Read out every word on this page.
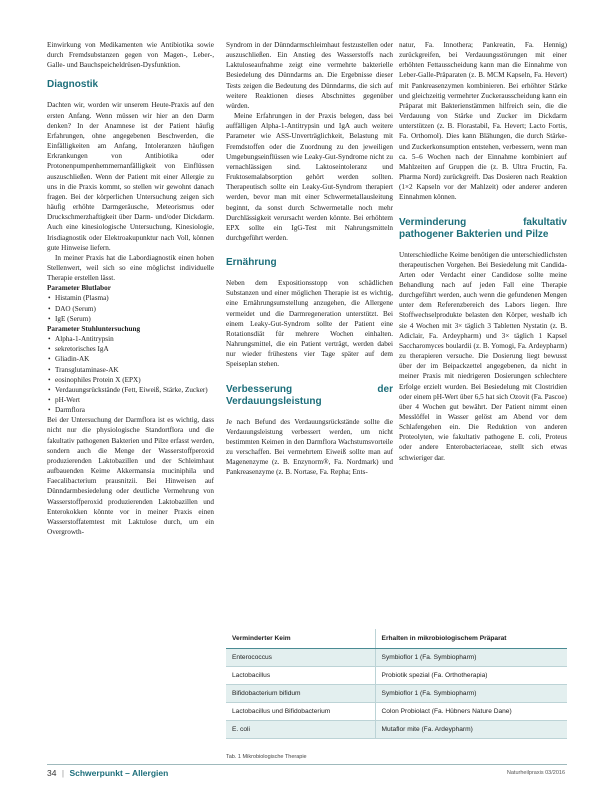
Einwirkung von Medikamenten wie Antibiotika sowie durch Fremdsubstanzen gegen von Magen-, Leber-, Galle- und Bauchspeicheldrüsen-Dysfunktion.

Diagnostik

Dachten wir, worden wir unserem Heute-Praxis auf den ersten Anfang. Wenn müssen wir hier an den Darm denken? In der Anamnese ist der Patient häufig Erfahrungen, ohne angegebenen Beschwerden, die Einfälligkeiten am Anfang, Intoleranzen häufigen Erkrankungen von Antibiotika oder Protonenpumpenhemmernanfälligkeit von Einflüssen auszuschließen. Wenn der Patient mit einer Allergie zu uns in die Praxis kommt, so stellen wir gewohnt danach fragen. Bei der körperlichen Untersuchung zeigen sich häufig erhöhte Darmgeräusche, Meteorismus oder Druckschmerzhaftigkeit über Darm- und/oder Dickdarm. Auch eine kinesiologische Untersuchung, Kinesiologie, Irisdiagnostik oder Elektroakupunktur nach Voll, können gute Hinweise liefern.

In meiner Praxis hat die Labordiagnostik einen hohen Stellenwert, weil sich so eine möglichst individuelle Therapie erstellen lässt.

Parameter Blutlabor

• Histamin (Plasma)
• DAO (Serum)
• IgE (Serum)

Parameter Stuhluntersuchung

• Alpha-1-Antitrypsin
• sekretorisches IgA
• Gliadin-AK
• Transglutaminase-AK
• eosinophiles Protein X (EPX)
• Verdauungsrückstände (Fett, Eiweiß, Stärke, Zucker)
• pH-Wert
• Darmflora

Bei der Untersuchung der Darmflora ist es wichtig, dass nicht nur die physiologische Standortflora und die fakultativ pathogenen Bakterien und Pilze erfasst werden, sondern auch die Menge der Wasserstoffperoxid produzierenden Laktobazillen und der Schleimhaut aufbauenden Keime Akkermansia muciniphila und Faecalibacterium prausnitzii. Bei Hinweisen auf Dünndarmbesiedelung oder deutliche Vermehrung von Wasserstoffperoxid produzierenden Laktobazillen und Enterokokken könnte vor in meiner Praxis einen Wasserstoffatemtest mit Laktulose durch, um ein Overgrowth-

Syndrom in der Dünndarmschleimhaut festzustellen oder auszuschließen. Ein Anstieg des Wasserstoffs nach Laktuloseaufnahme zeigt eine vermehrte bakterielle Besiedelung des Dünndarms an. Die Ergebnisse dieser Tests zeigen die Bedeutung des Dünndarms, die sich auf weitere Reaktionen dieses Abschnittes gegenüber würden.

Meine Erfahrungen in der Praxis belegen, dass bei auffälligen Alpha-1-Antitrypsin und IgA auch weitere Parameter wie ASS-Unverträglichkeit, Belastung mit Fremdstoffen oder die Zuordnung zu den jeweiligen Umgebungseinflüssen wie Leaky-Gut-Syndrome nicht zu vernachlässigen sind. Laktoseintoleranz und Fruktosemalabsorption gehört werden sollten. Therapeutisch sollte ein Leaky-Gut-Syndrom therapiert werden, bevor man mit einer Schwermetallausleitung beginnt, da sonst durch Schwermetalle noch mehr Durchlässigkeit verursacht werden könnte. Bei erhöhtem EPX sollte ein IgG-Test mit Nahrungsmitteln durchgeführt werden.

Ernährung

Neben dem Expositionsstopp von schädlichen Substanzen und einer möglichen Therapie ist es wichtig, eine Ernährungsumstellung anzugehen, die Allergene vermeidet und die Darmregeneration unterstützt. Bei einem Leaky-Gut-Syndrom sollte der Patient eine Rotationsdiät für mehrere Wochen einhalten. Nahrungsmittel, die ein Patient verträgt, werden dabei nur wieder frühestens vier Tage später auf dem Speiseplan stehen.

Verbesserung der Verdauungsleistung

Je nach Befund des Verdauungsrückstände sollte die Verdauungsleistung verbessert werden, um nicht bestimmten Keimen in den Darmflora Wachstumsvorteile zu verschaffen. Bei vermehrtem Eiweiß sollte man auf Magenenzyme (z. B. Enzynorm®, Fa. Nordmark) und Pankreasenzyme (z. B. Nortase, Fa. Repha; Ents-

natur, Fa. Innothera; Pankreatin, Fa. Hennig) zurückgreifen, bei Verdauungsstörungen mit einer erhöhten Fettausscheidung kann man die Einnahme von Leber-Galle-Präparaten (z. B. MCM Kapseln, Fa. Hevert) mit Pankreasenzymen kombinieren. Bei erhöhter Stärke und gleichzeitig vermehrter Zuckerausscheidung kann ein Präparat mit Bakterienstämmen hilfreich sein, die die Verdauung von Stärke und Zucker im Dickdarm unterstützen (z. B. Florastabil, Fa. Hevert; Lacto Fortis, Fa. Orthomol). Dies kann Blähungen, die durch Stärke- und Zuckerkonsumption entstehen, verbessern, wenn man ca. 5–6 Wochen nach der Einnahme kombiniert auf Mahlzeiten auf Gruppen die (z. B. Ultra Fructin, Fa. Pharma Nord) zurückgreift. Das Dosieren nach Reaktion (1×2 Kapseln vor der Mahlzeit) oder anderer anderen Einnahmen können.

Verminderung fakultativ pathogener Bakterien und Pilze

Unterschiedliche Keime benötigen die unterschiedlichsten therapeutischen Vorgehen. Bei Besiedelung mit Candida-Arten oder Verdacht einer Candidose sollte meine Behandlung nach auf jeden Fall eine Therapie durchgeführt werden, auch wenn die gefundenen Mengen unter dem Referenzbereich des Labors liegen. Ihre Stoffwechselprodukte belasten den Körper, weshalb ich sie 4 Wochen mit 3× täglich 3 Tabletten Nystatin (z. B. Adiclair, Fa. Ardeypharm) und 3× täglich 1 Kapsel Saccharomyces boulardii (z. B. Yomogi, Fa. Ardeypharm) zu therapieren versuche. Die Dosierung liegt bewusst über der im Beipackzettel angegebenen, da nicht in meiner Praxis mit niedrigeren Dosierungen schlechtere Erfolge erzielt wurden. Bei Besiedelung mit Clostridien oder einem pH-Wert über 6,5 hat sich Ozovit (Fa. Pascoe) über 4 Wochen gut bewährt. Der Patient nimmt einen Messlöffel in Wasser gelöst am Abend vor dem Schlafengehen ein. Die Reduktion von anderen Proteolyten, wie fakultativ pathogene E. coli, Proteus oder andere Enterobacteriaceae, stellt sich etwas schwieriger dar.

Verminderter Keim	Erhalten in mikrobiologischem Präparat
Enterococcus	Symbioflor 1 (Fa. Symbiopharm)
Lactobacillus	Probiotik spezial (Fa. Orthotherapia)
Bifidobacterium bifidum	Symbioflor 1 (Fa. Symbiopharm)
Lactobacillus und Bifidobacterium	Colon Probiolact (Fa. Hübners Nature Dane)
E. coli	Mutaflor mite (Fa. Ardeypharm)
Tab. 1 Mikrobiologische Therapie
34 | Schwerpunkt – Allergien	Naturheilpraxis 03/2016
